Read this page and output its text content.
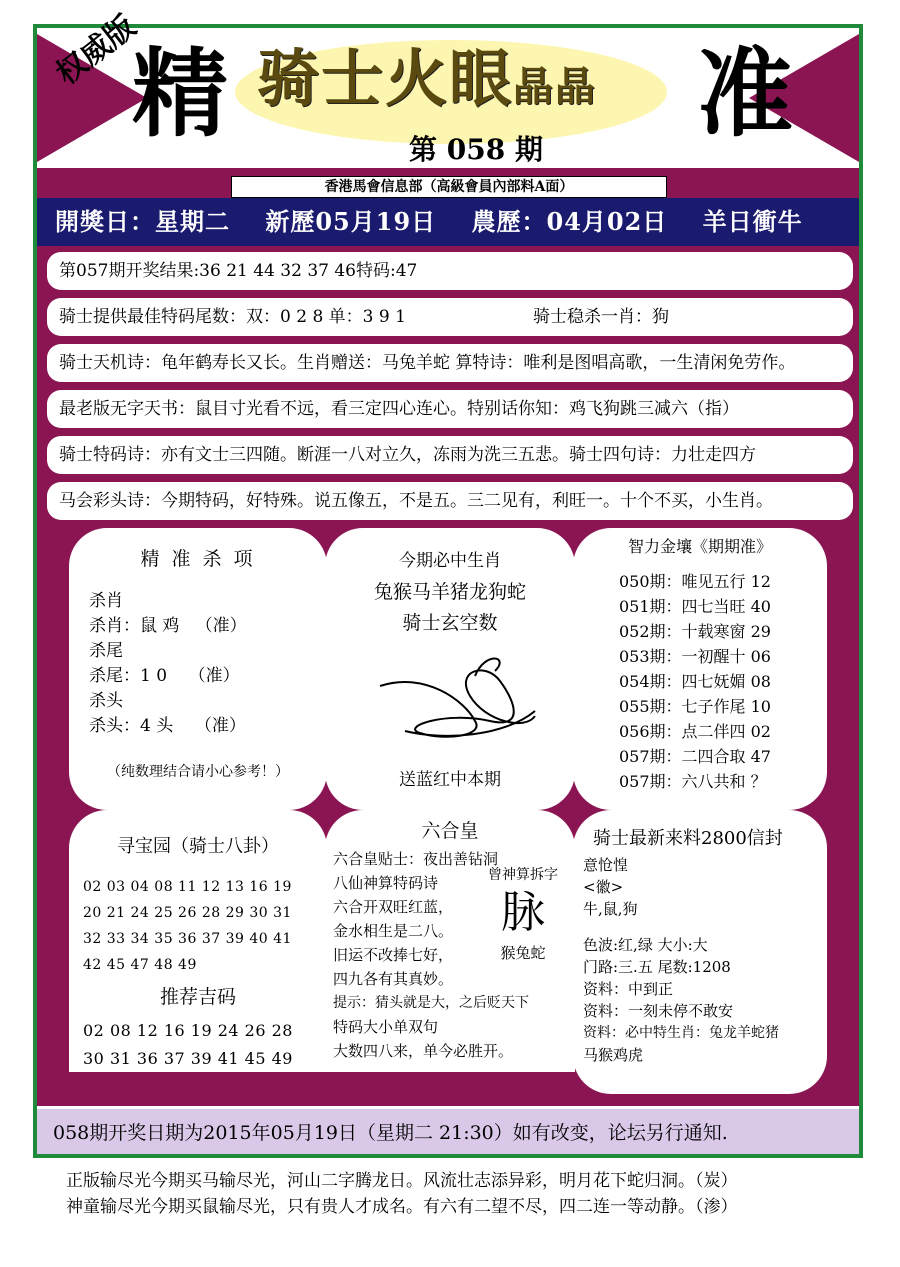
权威版
精 骑士火眼晶晶
第 058 期 准
香港馬會信息部（高級會員內部料A面）
開獎日：星期二 新歷05月19日 農歷：04月02日 羊日衝牛
第057期开奖结果:36 21 44 32 37 46特码:47
骑士提供最佳特码尾数：双：0 2 8 单：3 9 1	骑士稳杀一肖：狗
骑士天机诗：龟年鹤寿长又长。生肖赠送：马兔羊蛇 算特诗：唯利是图唱高歌，一生清闲免劳作。
最老版无字天书：鼠目寸光看不远，看三定四心连心。特别话你知：鸡飞狗跳三减六（指）
骑士特码诗：亦有文士三四随。断涯一八对立久，冻雨为洗三五悲。骑士四句诗：力壮走四方
马会彩头诗：今期特码，好特殊。说五像五，不是五。三二见有，利旺一。十个不买，小生肖。
精 准 杀 项
杀肖
杀肖：鼠 鸡   （准）
杀尾
杀尾：1 0    （准）
杀头
杀头：4 头    （准）
（纯数理结合请小心参考！）
今期必中生肖
兔猴马羊猪龙狗蛇
骑士玄空数
送蓝红中本期
智力金壤《期期准》
050期：唯见五行 12
051期：四七当旺 40
052期：十载寒窗 29
053期：一初醒十 06
054期：四七妩媚 08
055期：七子作尾 10
056期：点二伴四 02
057期：二四合取 47
057期：六八共和 ？
寻宝园（骑士八卦）
02 03 04 08 11 12 13 16 19
20 21 24 25 26 28 29 30 31
32 33 34 35 36 37 39 40 41
42 45 47 48 49
推荐吉码
02 08 12 16 19 24 26 28
30 31 36 37 39 41 45 49
六合皇
六合皇贴士：夜出善钻洞
八仙神算特码诗
六合开双旺红蓝，
金水相生是二八。
旧运不改捧七好，
四九各有其真妙。
提示：猜头就是大，之后贬天下
特码大小单双句
大数四八来，单今必胜开。
曾神算拆字
脉
猴兔蛇
骑士最新来料2800信封
意怆惶
<徽>
牛,鼠,狗
色波:红,绿 大小:大
门路:三.五 尾数:1208
资料：中到正
资料：一刻未停不敢安
资料：必中特生肖：兔龙羊蛇猪
马猴鸡虎
058期开奖日期为2015年05月19日（星期二 21:30）如有改变，论坛另行通知.
正版输尽光今期买马输尽光，河山二字腾龙日。风流壮志添异彩，明月花下蛇归洞。（炭）
神童输尽光今期买鼠输尽光，只有贵人才成名。有六有二望不尽，四二连一等动静。（渗）
